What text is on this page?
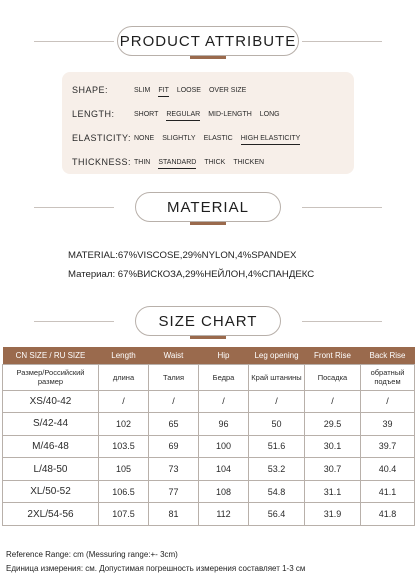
PRODUCT ATTRIBUTE
SHAPE:	SLIM FIT LOOSE OVER SIZE
LENGTH:	SHORT REGULAR MID-LENGTH LONG
ELASTICITY: NONE SLIGHTLY ELASTIC HIGH ELASTICITY
THICKNESS: THIN STANDARD THICK THICKEN
MATERIAL
MATERIAL:67%VISCOSE,29%NYLON,4%SPANDEX
Материал: 67%ВИСКОЗА,29%НЕЙЛОН,4%СПАНДЕКС
SIZE CHART
CN SIZE / RU SIZE	Length	Waist	Hip	Leg opening	Front Rise	Back Rise
Размер/Российский размер	длина	Талия	Бедра	Край штанины	Посадка	обратный подъем
XS/40-42	/	/	/	/	/	/
S/42-44	102	65	96	50	29.5	39
M/46-48	103.5	69	100	51.6	30.1	39.7
L/48-50	105	73	104	53.2	30.7	40.4
XL/50-52	106.5	77	108	54.8	31.1	41.1
2XL/54-56	107.5	81	112	56.4	31.9	41.8
Reference Range: cm (Messuring range:+- 3cm)
Единица измерения: см. Допустимая погрешность измерения составляет 1-3 см
